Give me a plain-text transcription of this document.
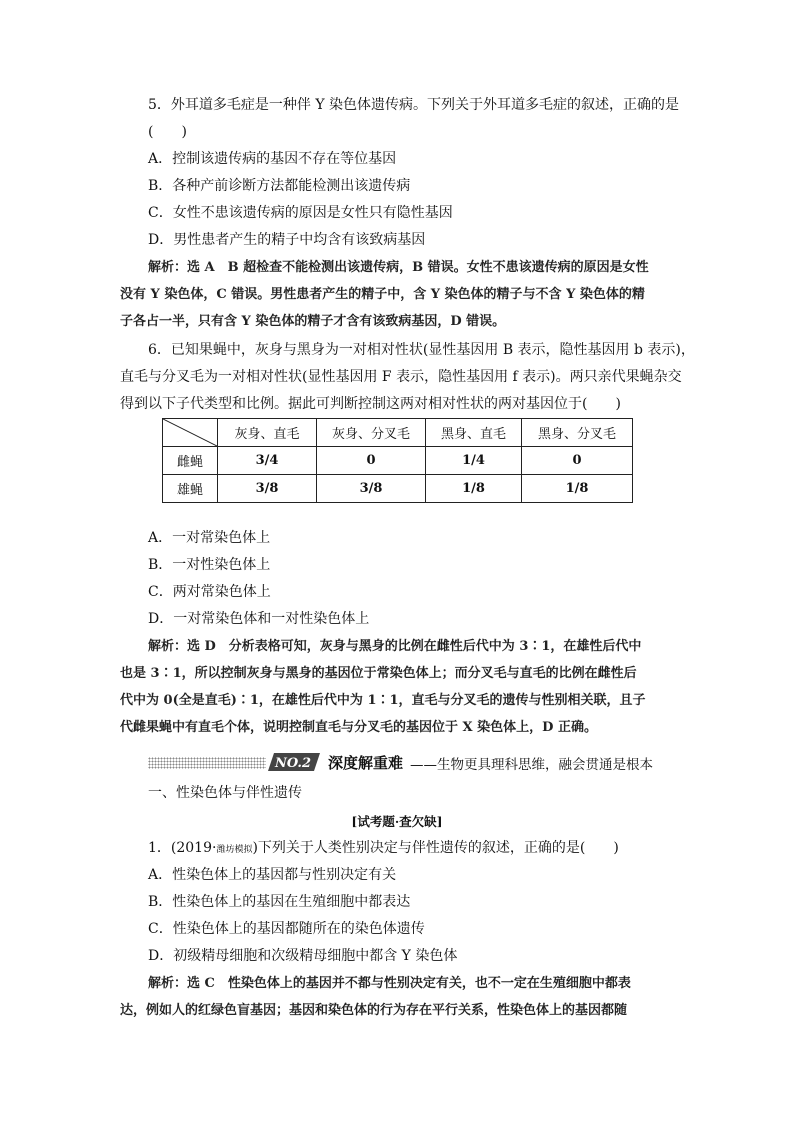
5．外耳道多毛症是一种伴 Y 染色体遗传病。下列关于外耳道多毛症的叙述，正确的是
(　　)
A．控制该遗传病的基因不存在等位基因
B．各种产前诊断方法都能检测出该遗传病
C．女性不患该遗传病的原因是女性只有隐性基因
D．男性患者产生的精子中均含有该致病基因
解析：选 A　B 超检查不能检测出该遗传病，B 错误。女性不患该遗传病的原因是女性
没有 Y 染色体，C 错误。男性患者产生的精子中，含 Y 染色体的精子与不含 Y 染色体的精
子各占一半，只有含 Y 染色体的精子才含有该致病基因，D 错误。
6．已知果蝇中，灰身与黑身为一对相对性状(显性基因用 B 表示，隐性基因用 b 表示)，
直毛与分叉毛为一对相对性状(显性基因用 F 表示，隐性基因用 f 表示)。两只亲代果蝇杂交
得到以下子代类型和比例。据此可判断控制这两对相对性状的两对基因位于(　　)
	灰身、直毛	灰身、分叉毛	黑身、直毛	黑身、分叉毛
雌蝇	3/4	0	1/4	0
雄蝇	3/8	3/8	1/8	1/8
A．一对常染色体上
B．一对性染色体上
C．两对常染色体上
D．一对常染色体和一对性染色体上
解析：选 D　分析表格可知，灰身与黑身的比例在雌性后代中为 3∶1，在雄性后代中
也是 3∶1，所以控制灰身与黑身的基因位于常染色体上；而分叉毛与直毛的比例在雌性后
代中为 0(全是直毛)∶1，在雄性后代中为 1∶1，直毛与分叉毛的遗传与性别相关联，且子
代雌果蝇中有直毛个体，说明控制直毛与分叉毛的基因位于 X 染色体上，D 正确。
NO.2 深度解重难 ——生物更具理科思维，融会贯通是根本
一、性染色体与伴性遗传
[试考题·查欠缺]
1．(2019·潍坊模拟)下列关于人类性别决定与伴性遗传的叙述，正确的是(　　)
A．性染色体上的基因都与性别决定有关
B．性染色体上的基因在生殖细胞中都表达
C．性染色体上的基因都随所在的染色体遗传
D．初级精母细胞和次级精母细胞中都含 Y 染色体
解析：选 C　性染色体上的基因并不都与性别决定有关，也不一定在生殖细胞中都表
达，例如人的红绿色盲基因；基因和染色体的行为存在平行关系，性染色体上的基因都随
